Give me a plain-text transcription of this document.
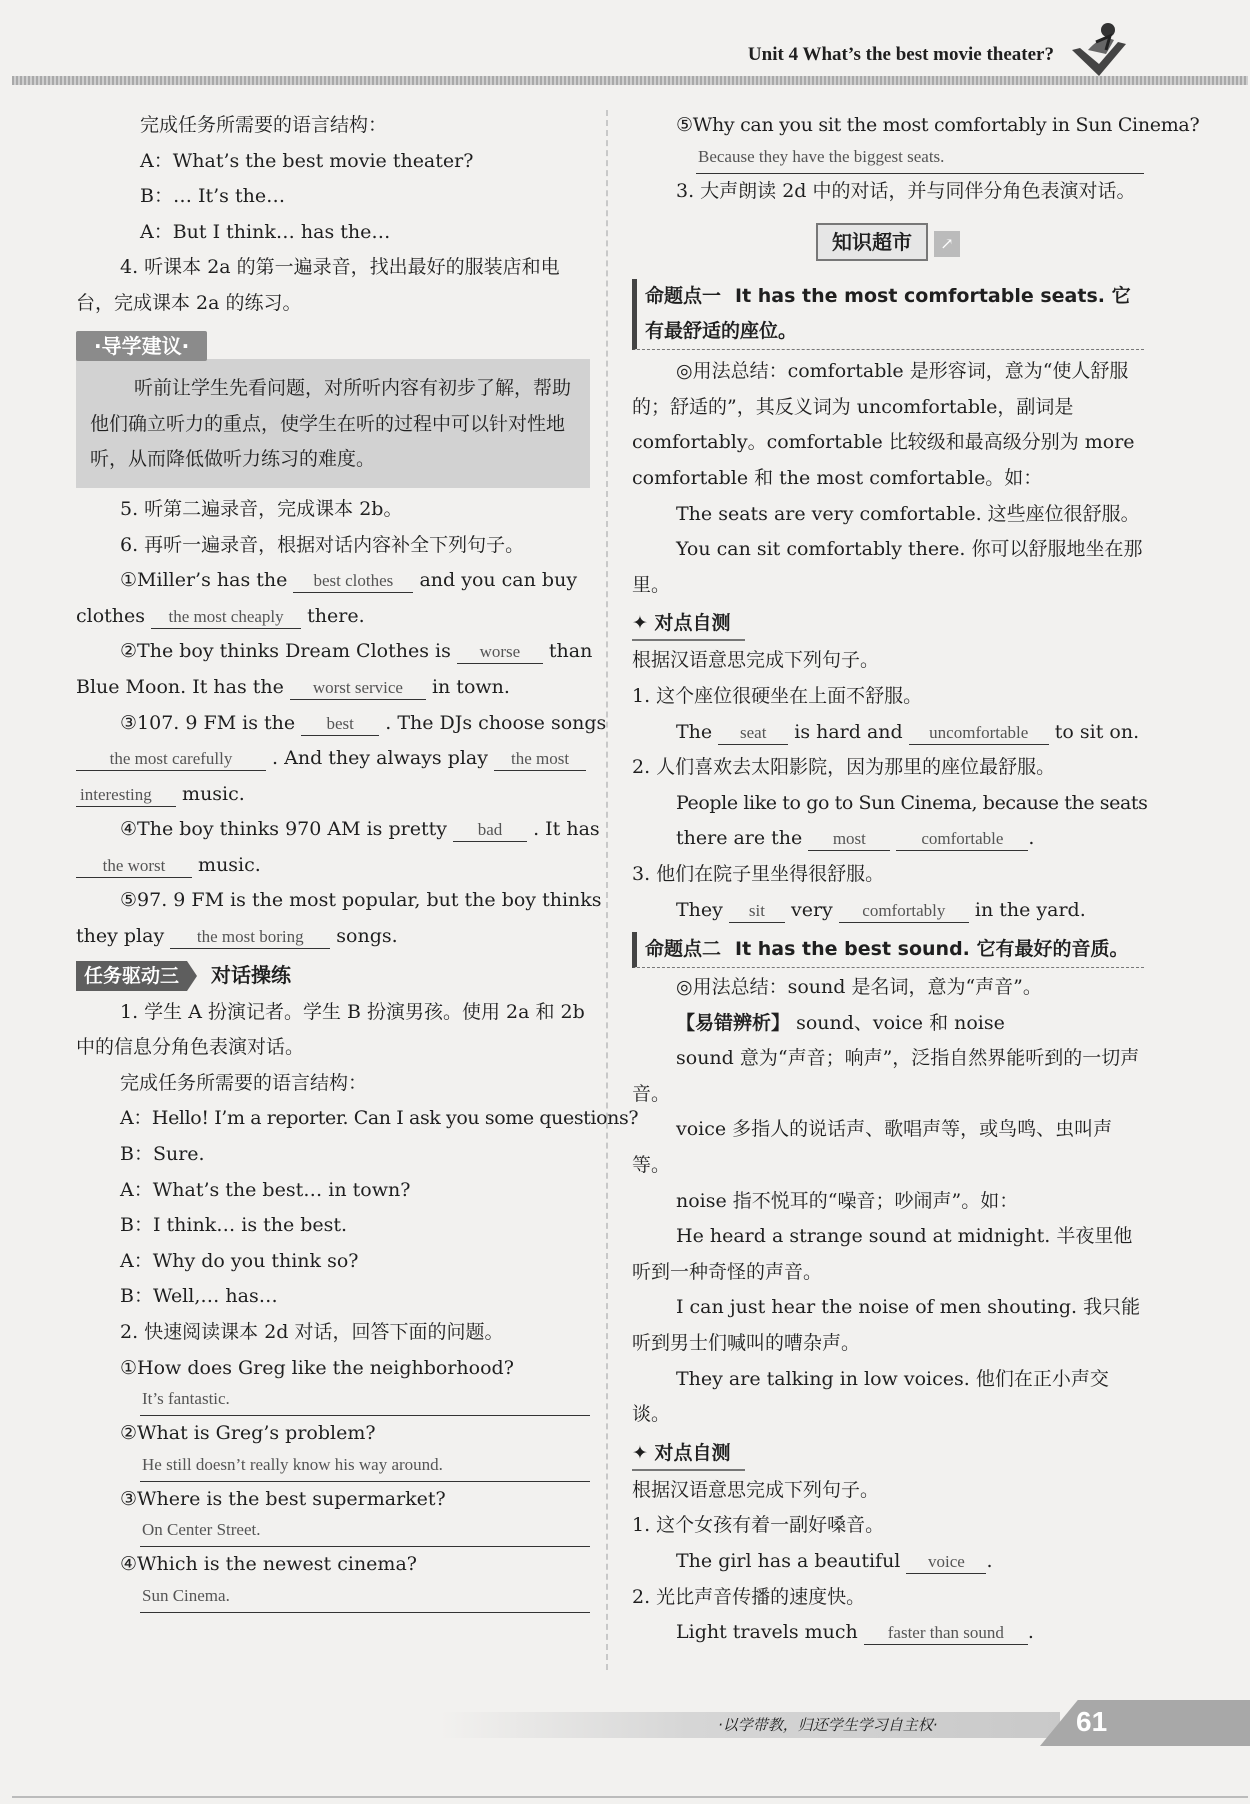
Unit 4 What’s the best movie theater?
完成任务所需要的语言结构：
A：What’s the best movie theater?
B：… It’s the…
A：But I think… has the…
4. 听课本 2a 的第一遍录音，找出最好的服装店和电台，完成课本 2a 的练习。
·导学建议·
听前让学生先看问题，对所听内容有初步了解，帮助他们确立听力的重点，使学生在听的过程中可以针对性地听，从而降低做听力练习的难度。
5. 听第二遍录音，完成课本 2b。
6. 再听一遍录音，根据对话内容补全下列句子。
①Miller’s has the best clothes and you can buy
clothes the most cheaply there.
②The boy thinks Dream Clothes is worse than
Blue Moon. It has the worst service in town.
③107. 9 FM is the best . The DJs choose songs
the most carefully . And they always play the most
interesting music.
④The boy thinks 970 AM is pretty bad . It has
the worst music.
⑤97. 9 FM is the most popular, but the boy thinks
they play the most boring songs.
任务驱动三	对话操练
1. 学生 A 扮演记者。学生 B 扮演男孩。使用 2a 和 2b 中的信息分角色表演对话。
完成任务所需要的语言结构：
A：Hello! I’m a reporter. Can I ask you some questions?
B：Sure.
A：What’s the best… in town?
B：I think… is the best.
A：Why do you think so?
B：Well,… has…
2. 快速阅读课本 2d 对话，回答下面的问题。
①How does Greg like the neighborhood?
It’s fantastic.
②What is Greg’s problem?
He still doesn’t really know his way around.
③Where is the best supermarket?
On Center Street.
④Which is the newest cinema?
Sun Cinema.
⑤Why can you sit the most comfortably in Sun Cinema?
Because they have the biggest seats.
3. 大声朗读 2d 中的对话，并与同伴分角色表演对话。
知识超市 ↗
命题点一 It has the most comfortable seats. 它有最舒适的座位。
◎用法总结：comfortable 是形容词，意为“使人舒服的；舒适的”，其反义词为 uncomfortable，副词是 comfortably。comfortable 比较级和最高级分别为 more comfortable 和 the most comfortable。如：
The seats are very comfortable. 这些座位很舒服。
You can sit comfortably there. 你可以舒服地坐在那里。
✦ 对点自测
根据汉语意思完成下列句子。
1. 这个座位很硬坐在上面不舒服。
The seat is hard and uncomfortable to sit on.
2. 人们喜欢去太阳影院，因为那里的座位最舒服。
People like to go to Sun Cinema, because the seats
there are the most	comfortable .
3. 他们在院子里坐得很舒服。
They sit very comfortably in the yard.
命题点二 It has the best sound. 它有最好的音质。
◎用法总结：sound 是名词，意为“声音”。
【易错辨析】 sound、voice 和 noise
sound 意为“声音；响声”，泛指自然界能听到的一切声音。
voice 多指人的说话声、歌唱声等，或鸟鸣、虫叫声等。
noise 指不悦耳的“噪音；吵闹声”。如：
He heard a strange sound at midnight. 半夜里他听到一种奇怪的声音。
I can just hear the noise of men shouting. 我只能听到男士们喊叫的嘈杂声。
They are talking in low voices. 他们在正小声交谈。
✦ 对点自测
根据汉语意思完成下列句子。
1. 这个女孩有着一副好嗓音。
The girl has a beautiful voice .
2. 光比声音传播的速度快。
Light travels much faster than sound .
·以学带教，归还学生学习自主权·	61
